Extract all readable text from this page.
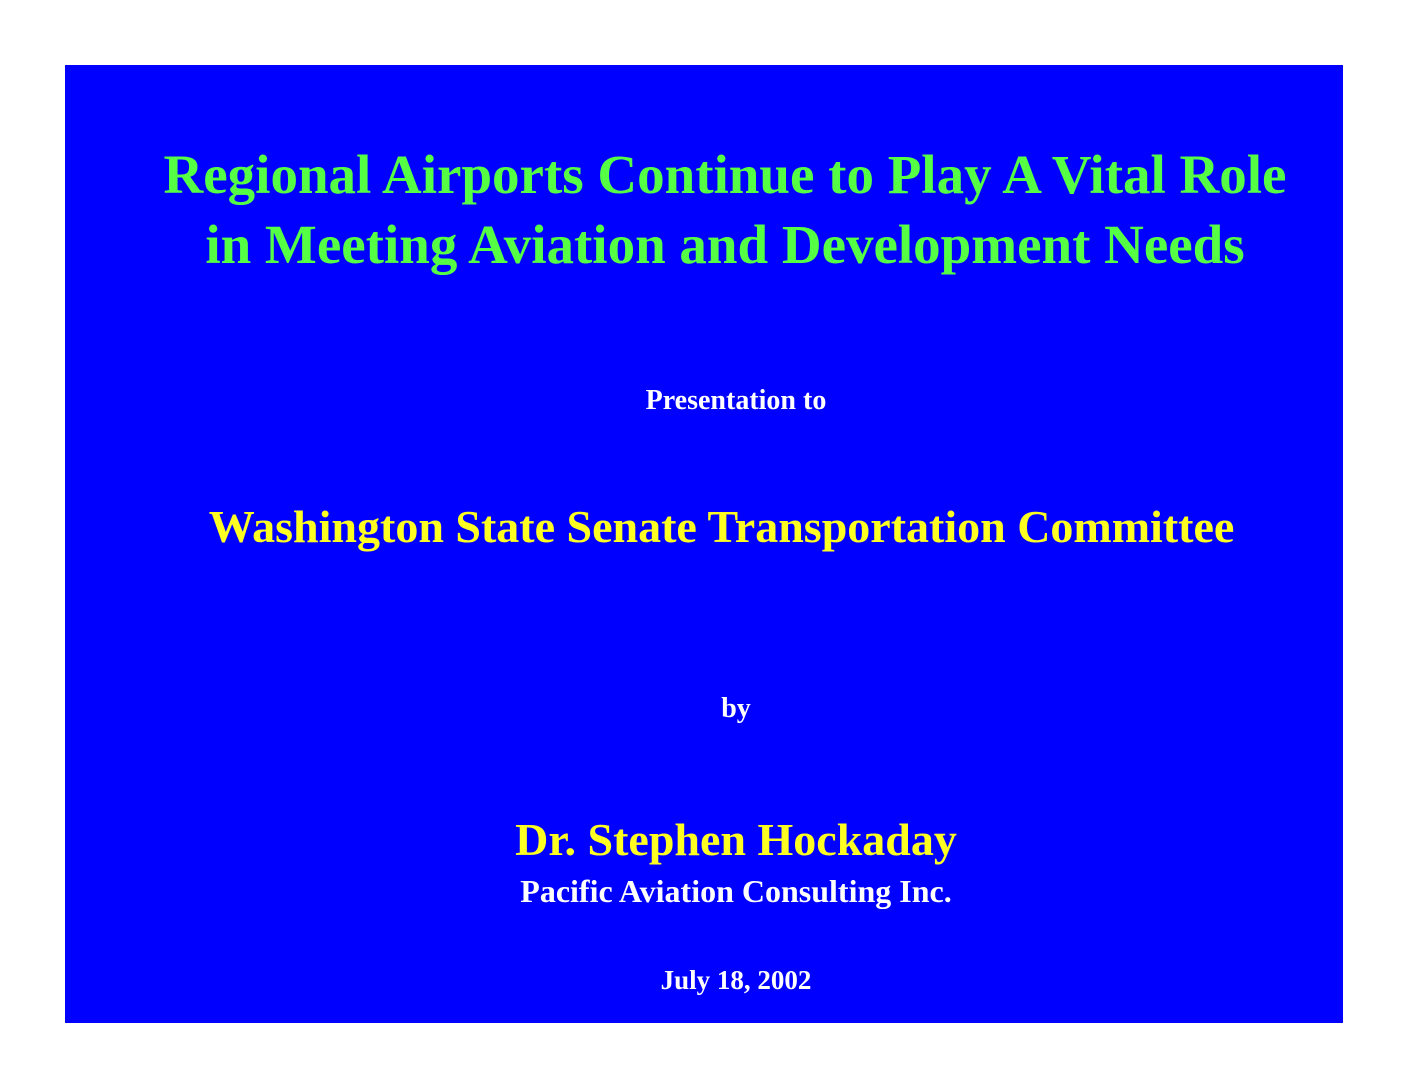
Regional Airports Continue to Play A Vital Role
in Meeting Aviation and Development Needs
Presentation to
Washington State Senate Transportation Committee
by
Dr. Stephen Hockaday
Pacific Aviation Consulting Inc.
July 18, 2002
